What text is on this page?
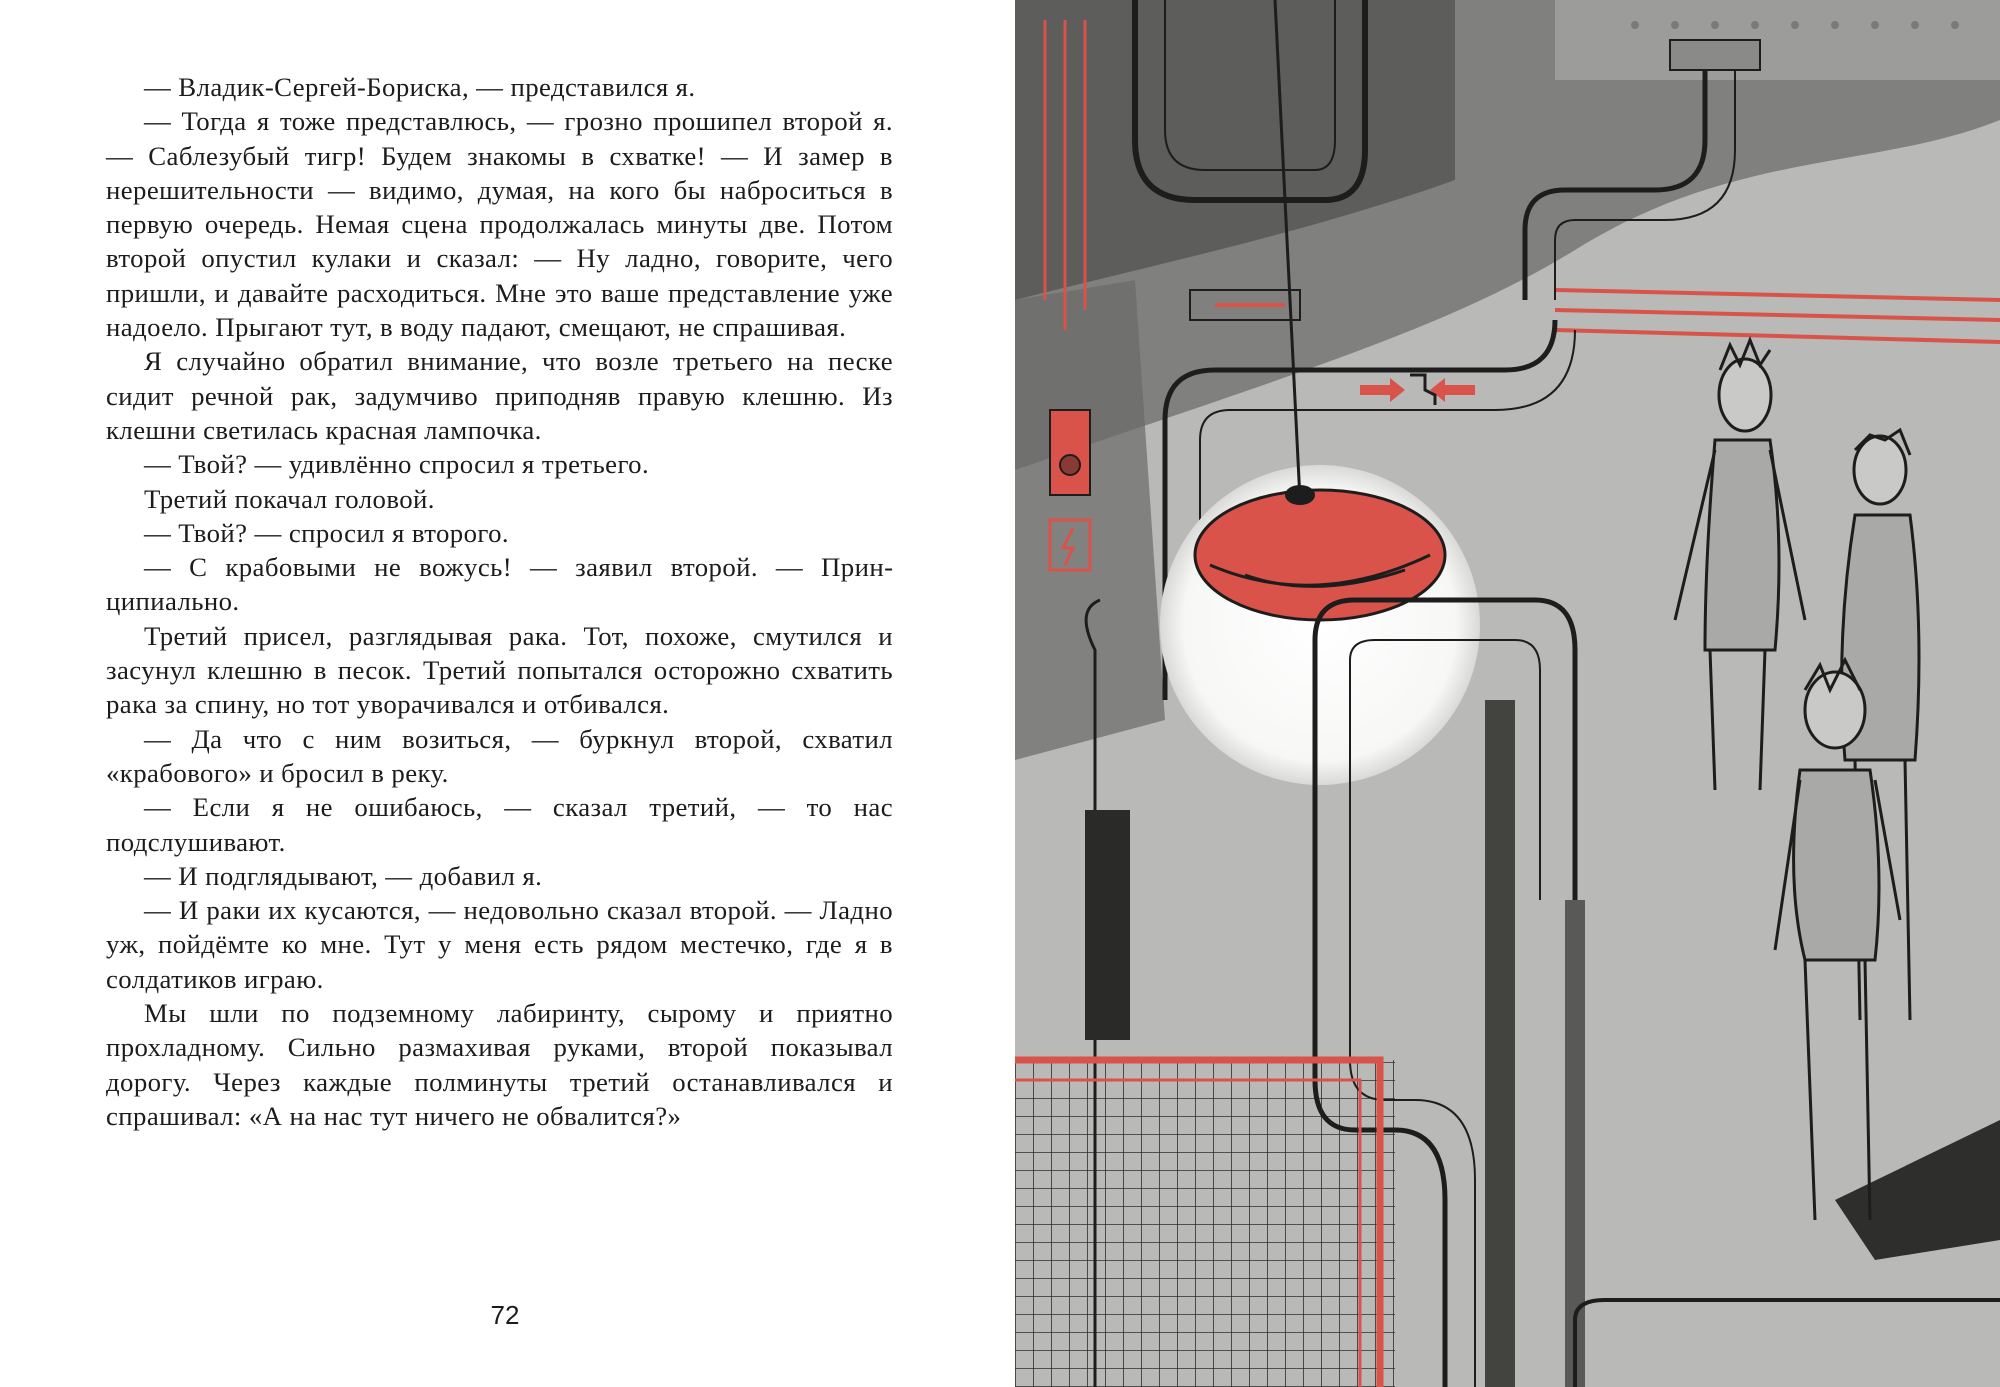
— Владик-Сергей-Бориска, — представился я.

— Тогда я тоже представлюсь, — грозно прошипел второй я. — Саблезубый тигр! Будем знакомы в схватке! — И замер в нерешительности — видимо, думая, на кого бы наброситься в первую очередь. Немая сцена продолжалась минуты две. Потом второй опустил кулаки и сказал: — Ну ладно, говорите, чего пришли, и давайте расходиться. Мне это ваше представление уже надоело. Прыгают тут, в воду падают, смещают, не спрашивая.

Я случайно обратил внимание, что возле третьего на песке сидит речной рак, задумчиво приподняв правую клешню. Из клешни светилась красная лампочка.

— Твой? — удивлённо спросил я третьего.

Третий покачал головой.

— Твой? — спросил я второго.

— С крабовыми не вожусь! — заявил второй. — Принципиально.

Третий присел, разглядывая рака. Тот, похоже, смутился и засунул клешню в песок. Третий попытался осторожно схватить рака за спину, но тот уворачивался и отбивался.

— Да что с ним возиться, — буркнул второй, схватил «крабового» и бросил в реку.

— Если я не ошибаюсь, — сказал третий, — то нас подслушивают.

— И подглядывают, — добавил я.

— И раки их кусаются, — недовольно сказал второй. — Ладно уж, пойдёмте ко мне. Тут у меня есть рядом местечко, где я в солдатиков играю.

Мы шли по подземному лабиринту, сырому и приятно прохладному. Сильно размахивая руками, второй показывал дорогу. Через каждые полминуты третий останавливался и спрашивал: «А на нас тут ничего не обвалится?»

72
